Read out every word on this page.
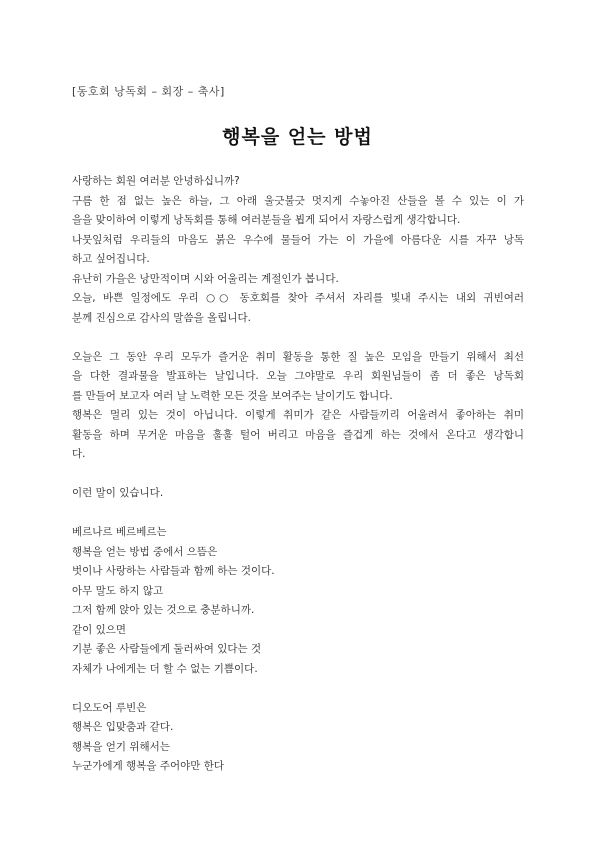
[동호회 낭독회 – 회장 – 축사]
행복을 얻는 방법
사랑하는 회원 여러분 안녕하십니까?
구름 한 점 없는 높은 하늘, 그 아래 울긋불긋 멋지게 수놓아진 산들을 볼 수 있는 이 가
을을 맞이하여 이렇게 낭독회를 통해 여러분들을 뵙게 되어서 자랑스럽게 생각합니다.
나뭇잎처럼 우리들의 마음도 붉은 우수에 물들어 가는 이 가을에 아름다운 시를 자꾸 낭독
하고 싶어집니다.
유난히 가을은 낭만적이며 시와 어울리는 계절인가 봅니다.
오늘, 바쁜 일정에도 우리 ○○ 동호회를 찾아 주셔서 자리를 빛내 주시는 내외 귀빈여러
분께 진심으로 감사의 말씀을 올립니다.
오늘은 그 동안 우리 모두가 즐거운 취미 활동을 통한 질 높은 모임을 만들기 위해서 최선
을 다한 결과물을 발표하는 날입니다. 오늘 그야말로 우리 회원님들이 좀 더 좋은 낭독회
를 만들어 보고자 여러 날 노력한 모든 것을 보여주는 날이기도 합니다.
행복은 멀리 있는 것이 아닙니다. 이렇게 취미가 같은 사람들끼리 어울려서 좋아하는 취미
활동을 하며 무거운 마음을 훌훌 털어 버리고 마음을 즐겁게 하는 것에서 온다고 생각합니
다.
이런 말이 있습니다.
베르나르 베르베르는
행복을 얻는 방법 중에서 으뜸은
벗이나 사랑하는 사람들과 함께 하는 것이다.
아무 말도 하지 않고
그저 함께 앉아 있는 것으로 충분하니까.
같이 있으면
기분 좋은 사람들에게 둘러싸여 있다는 것
자체가 나에게는 더 할 수 없는 기쁨이다.
디오도어 루빈은
행복은 입맞춤과 같다.
행복을 얻기 위해서는
누군가에게 행복을 주어야만 한다
